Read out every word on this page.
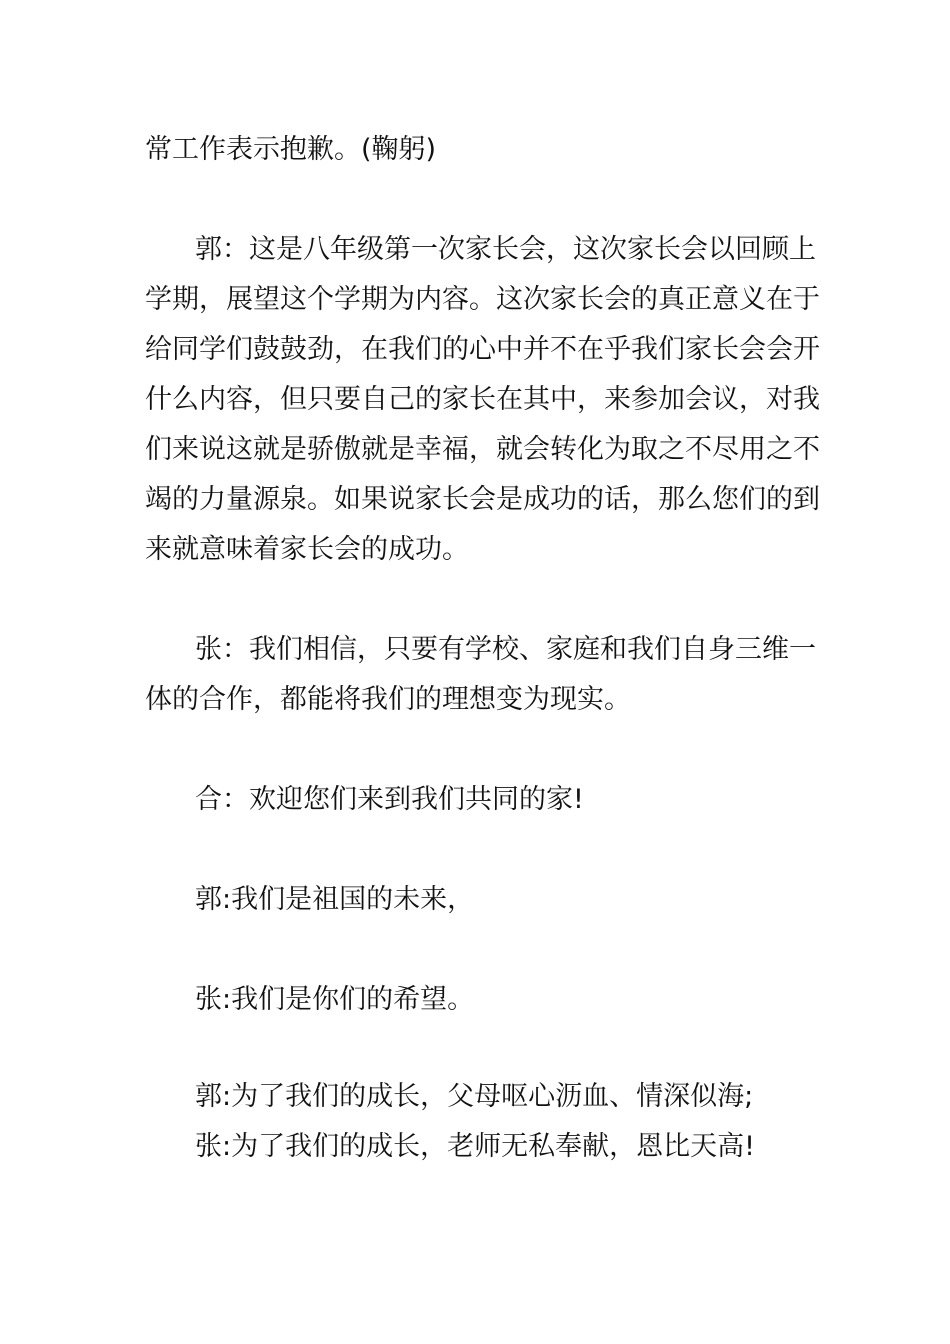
常工作表示抱歉。(鞠躬)
郭：这是八年级第一次家长会，这次家长会以回顾上
学期，展望这个学期为内容。这次家长会的真正意义在于
给同学们鼓鼓劲，在我们的心中并不在乎我们家长会会开
什么内容，但只要自己的家长在其中，来参加会议，对我
们来说这就是骄傲就是幸福，就会转化为取之不尽用之不
竭的力量源泉。如果说家长会是成功的话，那么您们的到
来就意味着家长会的成功。
张：我们相信，只要有学校、家庭和我们自身三维一
体的合作，都能将我们的理想变为现实。
合：欢迎您们来到我们共同的家!
郭:我们是祖国的未来，
张:我们是你们的希望。
郭:为了我们的成长，父母呕心沥血、情深似海;
张:为了我们的成长，老师无私奉献，恩比天高!
